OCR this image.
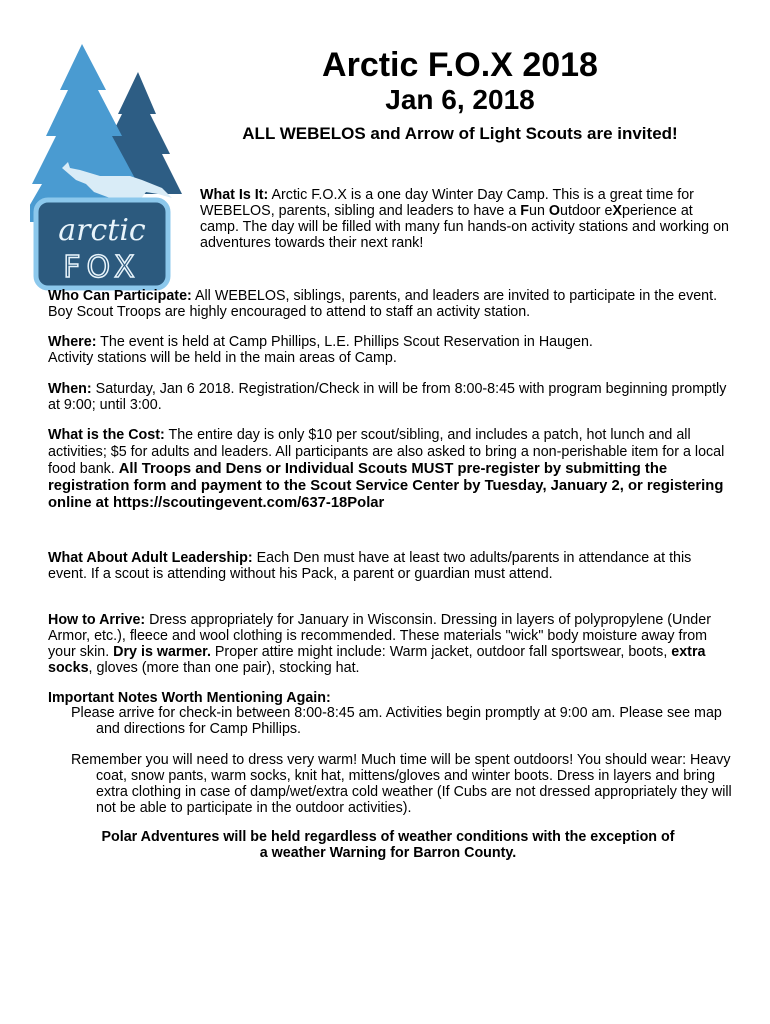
arctic
FOX
Arctic F.O.X 2018
Jan 6, 2018

ALL WEBELOS and Arrow of Light Scouts are invited!

What Is It: Arctic F.O.X is a one day Winter Day Camp. This is a great time for WEBELOS, parents, sibling and leaders to have a Fun Outdoor eXperience at camp. The day will be filled with many fun hands-on activity stations and working on adventures towards their next rank!

Who Can Participate: All WEBELOS, siblings, parents, and leaders are invited to participate in the event. Boy Scout Troops are highly encouraged to attend to staff an activity station.

Where: The event is held at Camp Phillips, L.E. Phillips Scout Reservation in Haugen.
Activity stations will be held in the main areas of Camp.

When: Saturday, Jan 6 2018. Registration/Check in will be from 8:00-8:45 with program beginning promptly at 9:00; until 3:00.

What is the Cost: The entire day is only $10 per scout/sibling, and includes a patch, hot lunch and all activities; $5 for adults and leaders. All participants are also asked to bring a non-perishable item for a local food bank. All Troops and Dens or Individual Scouts MUST pre-register by submitting the registration form and payment to the Scout Service Center by Tuesday, January 2, or registering online at https://scoutingevent.com/637-18Polar

What About Adult Leadership: Each Den must have at least two adults/parents in attendance at this event. If a scout is attending without his Pack, a parent or guardian must attend.

How to Arrive: Dress appropriately for January in Wisconsin. Dressing in layers of polypropylene (Under Armor, etc.), fleece and wool clothing is recommended. These materials "wick" body moisture away from your skin. Dry is warmer. Proper attire might include: Warm jacket, outdoor fall sportswear, boots, extra socks, gloves (more than one pair), stocking hat.

Important Notes Worth Mentioning Again:

Please arrive for check-in between 8:00-8:45 am. Activities begin promptly at 9:00 am. Please see map and directions for Camp Phillips.

Remember you will need to dress very warm! Much time will be spent outdoors! You should wear: Heavy coat, snow pants, warm socks, knit hat, mittens/gloves and winter boots. Dress in layers and bring extra clothing in case of damp/wet/extra cold weather (If Cubs are not dressed appropriately they will not be able to participate in the outdoor activities).

Polar Adventures will be held regardless of weather conditions with the exception of a weather Warning for Barron County.
